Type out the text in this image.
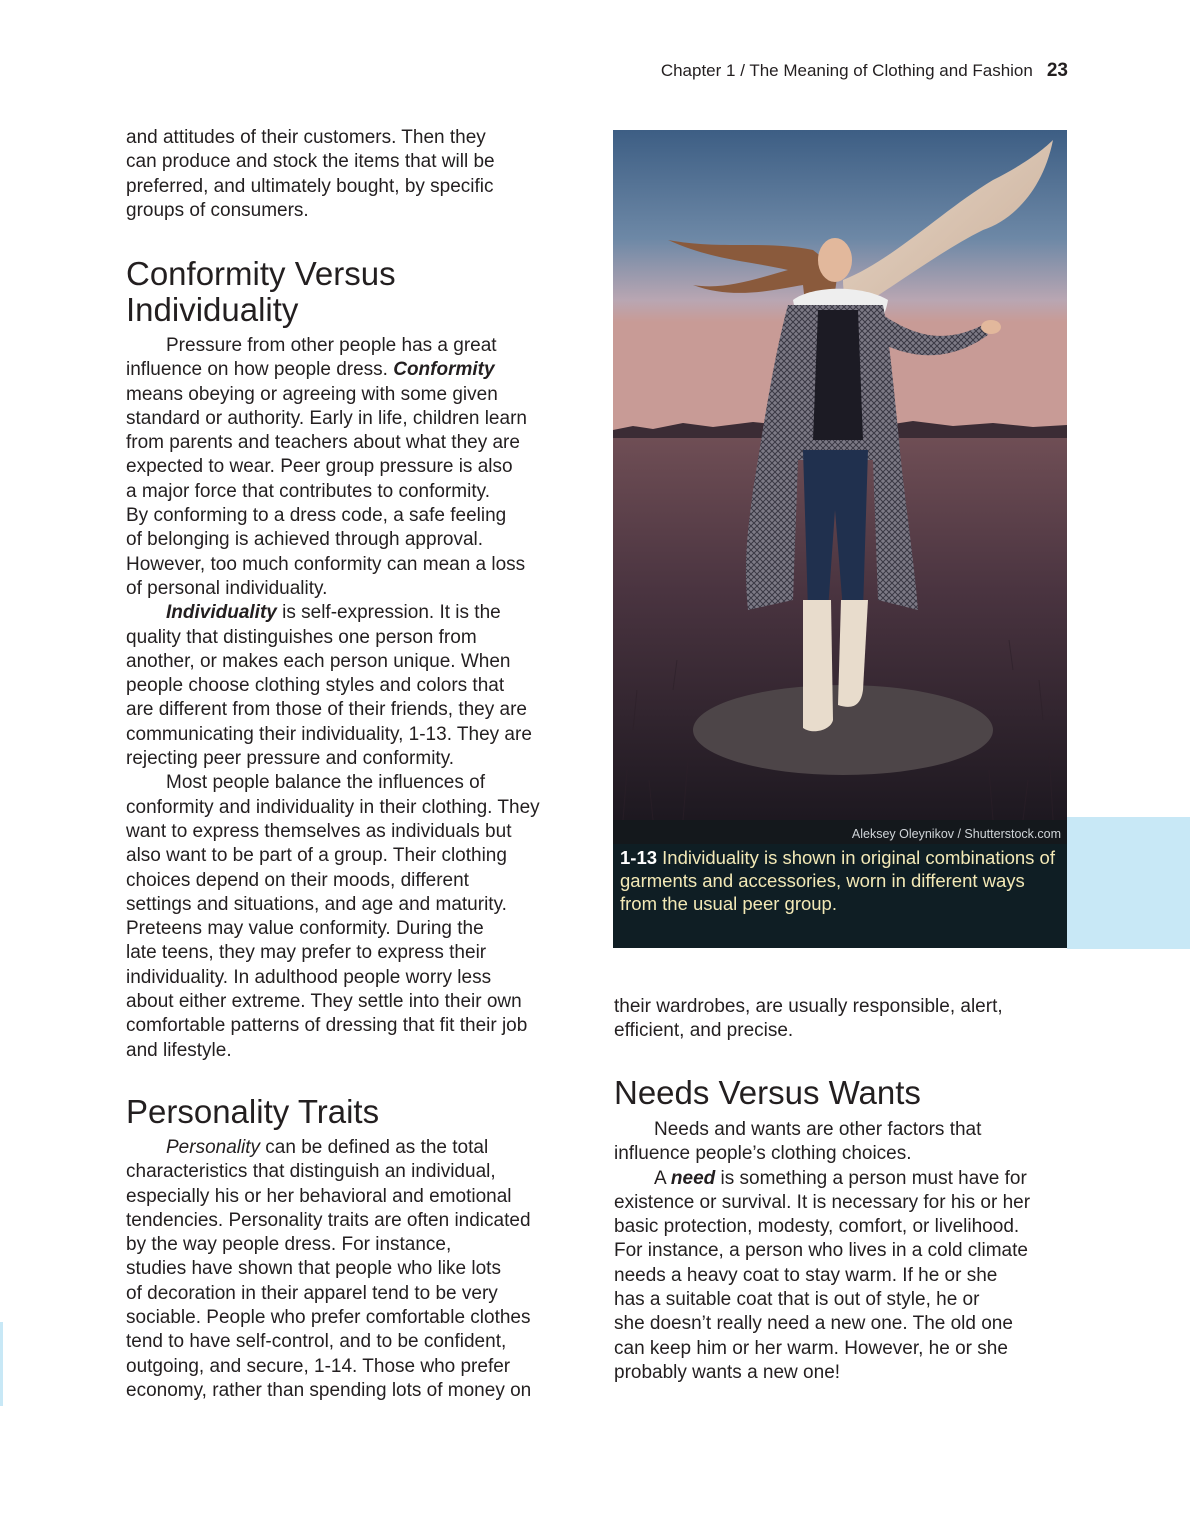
Chapter 1 / The Meaning of Clothing and Fashion 23

and attitudes of their customers. Then they
can produce and stock the items that will be
preferred, and ultimately bought, by specific
groups of consumers.

Conformity Versus
Individuality

Pressure from other people has a great
influence on how people dress. Conformity
means obeying or agreeing with some given
standard or authority. Early in life, children learn
from parents and teachers about what they are
expected to wear. Peer group pressure is also
a major force that contributes to conformity.
By conforming to a dress code, a safe feeling
of belonging is achieved through approval.
However, too much conformity can mean a loss
of personal individuality.

Individuality is self-expression. It is the
quality that distinguishes one person from
another, or makes each person unique. When
people choose clothing styles and colors that
are different from those of their friends, they are
communicating their individuality, 1-13. They are
rejecting peer pressure and conformity.

Most people balance the influences of
conformity and individuality in their clothing. They
want to express themselves as individuals but
also want to be part of a group. Their clothing
choices depend on their moods, different
settings and situations, and age and maturity.
Preteens may value conformity. During the
late teens, they may prefer to express their
individuality. In adulthood people worry less
about either extreme. They settle into their own
comfortable patterns of dressing that fit their job
and lifestyle.

Personality Traits

Personality can be defined as the total
characteristics that distinguish an individual,
especially his or her behavioral and emotional
tendencies. Personality traits are often indicated
by the way people dress. For instance,
studies have shown that people who like lots
of decoration in their apparel tend to be very
sociable. People who prefer comfortable clothes
tend to have self-control, and to be confident,
outgoing, and secure, 1-14. Those who prefer
economy, rather than spending lots of money on

Aleksey Oleynikov / Shutterstock.com
1-13 Individuality is shown in original combinations of garments and accessories, worn in different ways from the usual peer group.

their wardrobes, are usually responsible, alert,
efficient, and precise.

Needs Versus Wants

Needs and wants are other factors that
influence people’s clothing choices.

A need is something a person must have for
existence or survival. It is necessary for his or her
basic protection, modesty, comfort, or livelihood.
For instance, a person who lives in a cold climate
needs a heavy coat to stay warm. If he or she
has a suitable coat that is out of style, he or
she doesn’t really need a new one. The old one
can keep him or her warm. However, he or she
probably wants a new one!
